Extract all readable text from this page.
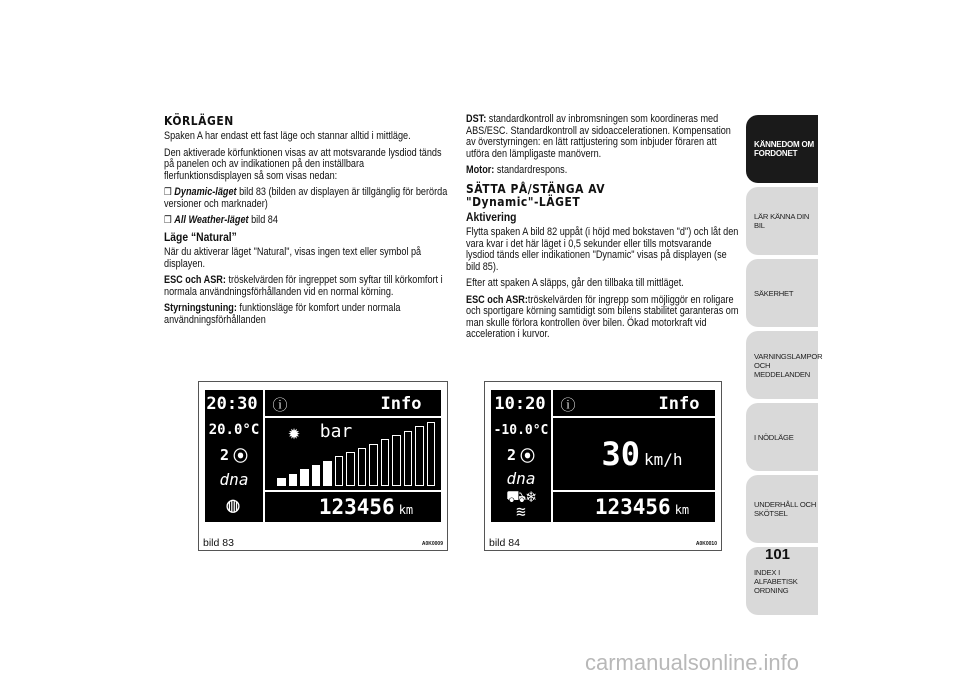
KÖRLÄGEN

Spaken A har endast ett fast läge och stannar alltid i mittläge.

Den aktiverade körfunktionen visas av att motsvarande lysdiod tänds på panelen och av indikationen på den inställbara flerfunktionsdisplayen så som visas nedan:

❒ Dynamic-läget bild 83 (bilden av displayen är tillgänglig för berörda versioner och marknader)

❒ All Weather-läget bild 84

Läge “Natural”

När du aktiverar läget "Natural", visas ingen text eller symbol på displayen.

ESC och ASR: tröskelvärden för ingreppet som syftar till körkomfort i normala användningsförhållanden vid en normal körning.

Styrningstuning: funktionsläge för komfort under normala användningsförhållanden

DST: standardkontroll av inbromsningen som koordineras med ABS/ESC. Standardkontroll av sidoaccelerationen. Kompensation av överstyrningen: en lätt rattjustering som inbjuder föraren att utföra den lämpligaste manövern.

Motor: standardrespons.

SÄTTA PÅ/STÄNGA AV "Dynamic"-LÄGET
Aktivering

Flytta spaken A bild 82 uppåt (i höjd med bokstaven "d") och låt den vara kvar i det här läget i 0,5 sekunder eller tills motsvarande lysdiod tänds eller indikationen "Dynamic" visas på displayen (se bild 85).

Efter att spaken A släpps, går den tillbaka till mittläget.

ESC och ASR:tröskelvärden för ingrepp som möjliggör en roligare och sportigare körning samtidigt som bilens stabilitet garanteras om man skulle förlora kontrollen över bilen. Ökad motorkraft vid acceleration i kurvor.

20:30
20.0°C
2 ⦿
dna
◍
ⓘ	Info
✹	bar
123456 km
bild 83	A0K0009
10:20
-10.0°C
2 ⦿
dna
⛟❄
≋
ⓘ	Info
30 km/h
123456 km
bild 84	A0K0010
KÄNNEDOM OM FORDONET
LÄR KÄNNA DIN BIL
SÄKERHET
VARNINGSLAMPOR OCH MEDDELANDEN
I NÖDLÄGE
UNDERHÅLL OCH SKÖTSEL
INDEX I ALFABETISK ORDNING
101
carmanualsonline.info
